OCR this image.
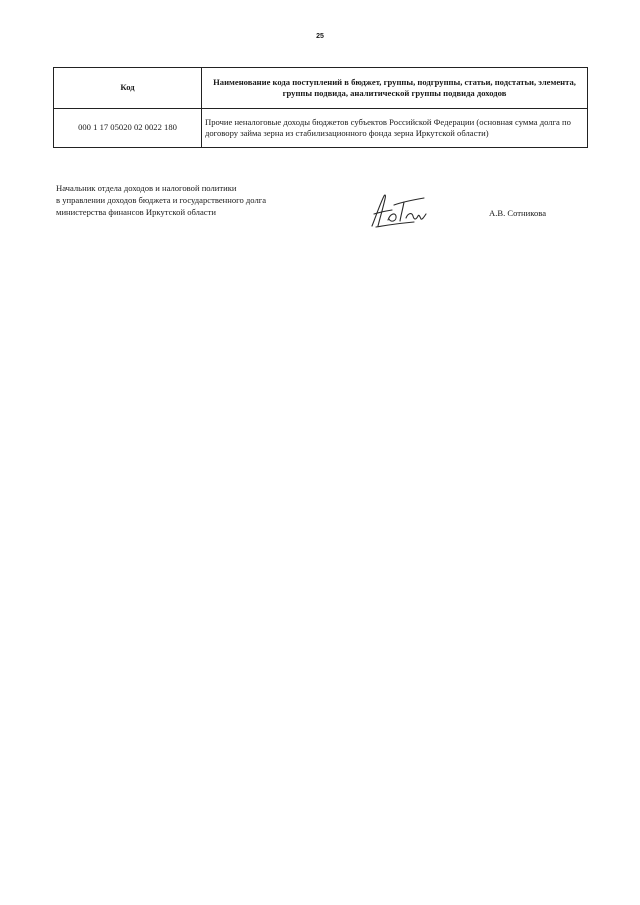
25
Код	Наименование кода поступлений в бюджет, группы, подгруппы, статьи, подстатьи, элемента, группы подвида, аналитической группы подвида доходов
000 1 17 05020 02 0022 180	Прочие неналоговые доходы бюджетов субъектов Российской Федерации (основная сумма долга по договору займа зерна из стабилизационного фонда зерна Иркутской области)
Начальник отдела доходов и налоговой политики
в управлении доходов бюджета и государственного долга
министерства финансов Иркутской области	А.В. Сотникова
